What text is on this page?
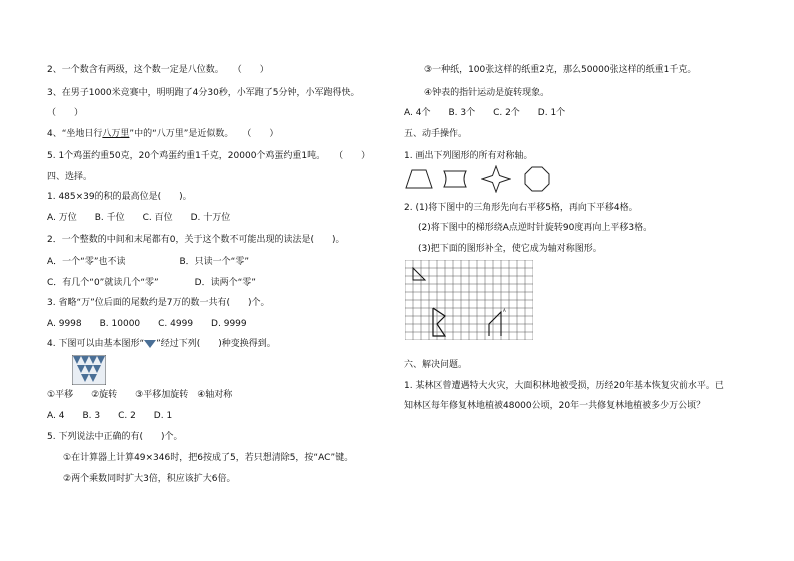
2、一个数含有两级，这个数一定是八位数。　　（　　）
3、在男子1000米竞赛中，明明跑了4分30秒，小军跑了5分钟，小军跑得快。
（　　）
4、“坐地日行八万里”中的“八万里”是近似数。　　（　　）
5. 1个鸡蛋约重50克，20个鸡蛋约重1千克，20000个鸡蛋约重1吨。　　（　　）
四、选择。
1. 485×39的积的最高位是(　　)。
A. 万位　　B. 千位　　C. 百位　　D. 十万位
2．一个整数的中间和末尾都有0，关于这个数不可能出现的读法是(　　)。
A．一个“零”也不读　　　　　　B．只读一个“零”
C．有几个“0”就读几个“零”　　　　D．读两个“零”
3. 省略“万”位后面的尾数约是7万的数一共有(　　)个。
A. 9998　　B. 10000　　C. 4999　　D. 9999
4. 下图可以由基本图形“ ”经过下列(　　)种变换得到。
①平移　　②旋转　　③平移加旋转　④轴对称
A. 4　　B. 3　　C. 2　　D. 1
5. 下列说法中正确的有(　　)个。
①在计算器上计算49×346时，把6按成了5，若只想清除5，按“AC”键。
②两个乘数同时扩大3倍，积应该扩大6倍。
③一种纸，100张这样的纸重2克，那么50000张这样的纸重1千克。
④钟表的指针运动是旋转现象。
A. 4个　　B. 3个　　C. 2个　　D. 1个
五、动手操作。
1. 画出下列图形的所有对称轴。
2. (1)将下图中的三角形先向右平移5格，再向下平移4格。
(2)将下图中的梯形绕A点逆时针旋转90度再向上平移3格。
(3)把下面的图形补全，使它成为轴对称图形。
A
六、解决问题。
1. 某林区曾遭遇特大火灾，大面积林地被受损，历经20年基本恢复灾前水平。已
知林区每年修复林地植被48000公顷，20年一共修复林地植被多少万公顷？
